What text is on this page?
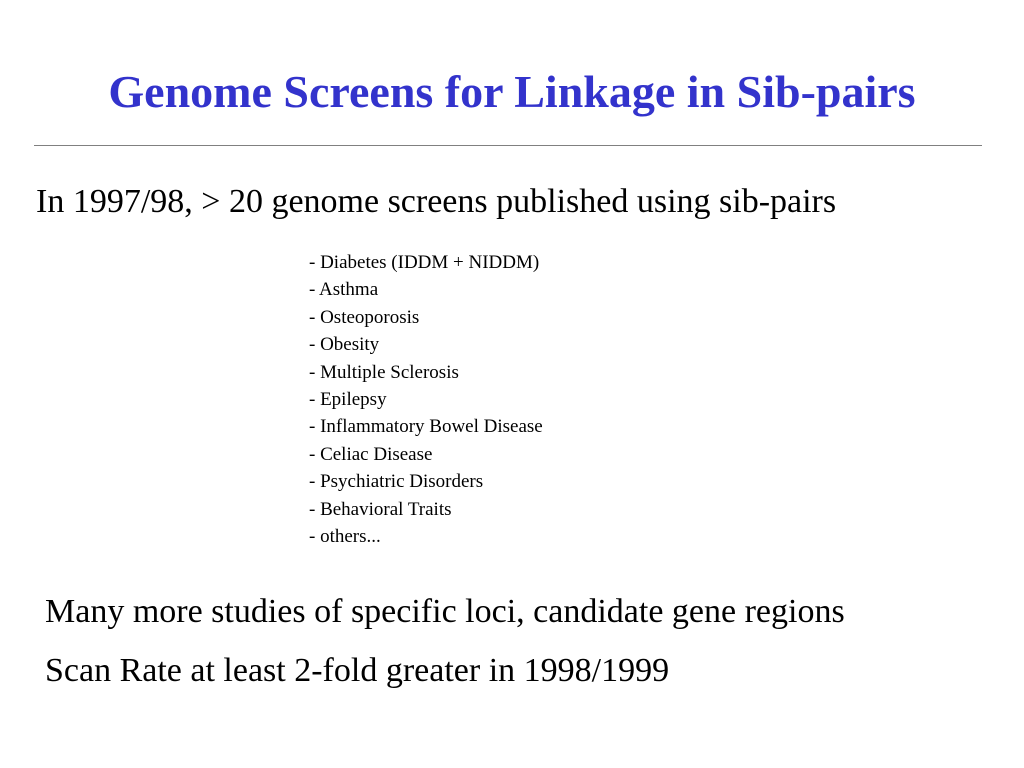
Genome Screens for Linkage in Sib-pairs
In 1997/98, > 20 genome screens published using sib-pairs
- Diabetes (IDDM + NIDDM)
- Asthma
- Osteoporosis
- Obesity
- Multiple Sclerosis
- Epilepsy
- Inflammatory Bowel Disease
- Celiac Disease
- Psychiatric Disorders
- Behavioral Traits
- others...
Many more studies of specific loci, candidate gene regions
Scan Rate at least 2-fold greater in 1998/1999
